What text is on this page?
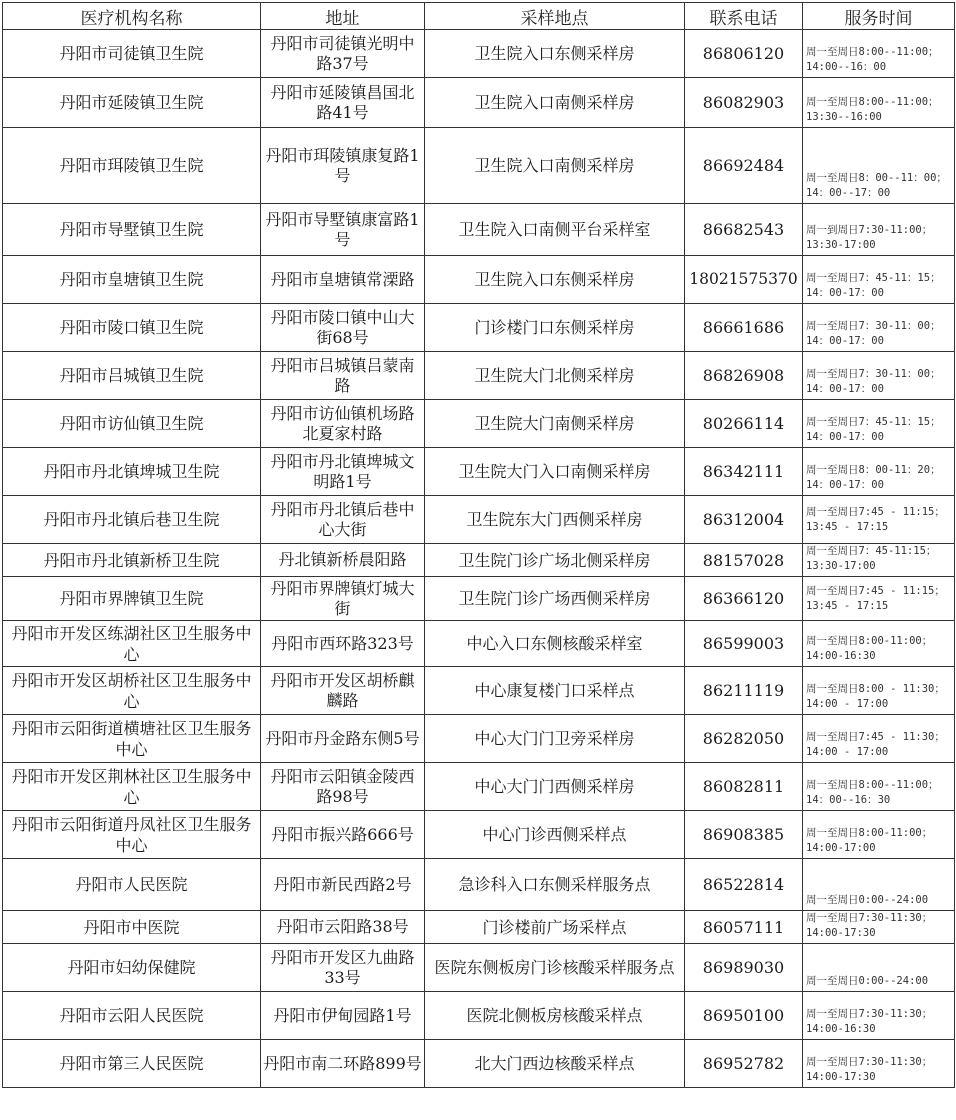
医疗机构名称	地址	采样地点	联系电话	服务时间
丹阳市司徒镇卫生院	丹阳市司徒镇光明中路37号	卫生院入口东侧采样房	86806120	周一至周日8:00--11:00；14:00--16：00
丹阳市延陵镇卫生院	丹阳市延陵镇昌国北路41号	卫生院入口南侧采样房	86082903	周一至周日8:00--11:00；13:30--16:00
丹阳市珥陵镇卫生院	丹阳市珥陵镇康复路1号	卫生院入口南侧采样房	86692484	周一至周日8：00--11：00；14：00--17：00
丹阳市导墅镇卫生院	丹阳市导墅镇康富路1号	卫生院入口南侧平台采样室	86682543	周一到周日7:30-11:00；13:30-17:00
丹阳市皇塘镇卫生院	丹阳市皇塘镇常溧路	卫生院入口东侧采样房	18021575370	周一至周日7：45-11：15；14：00-17：00
丹阳市陵口镇卫生院	丹阳市陵口镇中山大街68号	门诊楼门口东侧采样房	86661686	周一至周日7：30-11：00；14：00-17：00
丹阳市吕城镇卫生院	丹阳市吕城镇吕蒙南路	卫生院大门北侧采样房	86826908	周一至周日7：30-11：00；14：00-17：00
丹阳市访仙镇卫生院	丹阳市访仙镇机场路北夏家村路	卫生院大门南侧采样房	80266114	周一至周日7：45-11：15；14：00-17：00
丹阳市丹北镇埤城卫生院	丹阳市丹北镇埤城文明路1号	卫生院大门入口南侧采样房	86342111	周一至周日8：00-11：20；14：00-17：00
丹阳市丹北镇后巷卫生院	丹阳市丹北镇后巷中心大街	卫生院东大门西侧采样房	86312004	周一至周日7:45 - 11:15；13:45 - 17:15
丹阳市丹北镇新桥卫生院	丹北镇新桥晨阳路	卫生院门诊广场北侧采样房	88157028	周一至周日7：45-11:15；13:30-17:00
丹阳市界牌镇卫生院	丹阳市界牌镇灯城大街	卫生院门诊广场西侧采样房	86366120	周一至周日7:45 - 11:15；13:45 - 17:15
丹阳市开发区练湖社区卫生服务中心	丹阳市西环路323号	中心入口东侧核酸采样室	86599003	周一至周日8:00-11:00；14:00-16:30
丹阳市开发区胡桥社区卫生服务中心	丹阳市开发区胡桥麒麟路	中心康复楼门口采样点	86211119	周一至周日8:00 - 11:30；14:00 - 17:00
丹阳市云阳街道横塘社区卫生服务中心	丹阳市丹金路东侧5号	中心大门门卫旁采样房	86282050	周一至周日7:45 - 11:30；14:00 - 17:00
丹阳市开发区荆林社区卫生服务中心	丹阳市云阳镇金陵西路98号	中心大门门西侧采样房	86082811	周一至周日8:00--11:00；14：00--16：30
丹阳市云阳街道丹凤社区卫生服务中心	丹阳市振兴路666号	中心门诊西侧采样点	86908385	周一至周日8:00-11:00；14:00-17:00
丹阳市人民医院	丹阳市新民西路2号	急诊科入口东侧采样服务点	86522814	周一至周日0:00--24:00
丹阳市中医院	丹阳市云阳路38号	门诊楼前广场采样点	86057111	周一至周日7:30-11:30；14:00-17:30
丹阳市妇幼保健院	丹阳市开发区九曲路33号	医院东侧板房门诊核酸采样服务点	86989030	周一至周日0:00--24:00
丹阳市云阳人民医院	丹阳市伊甸园路1号	医院北侧板房核酸采样点	86950100	周一至周日7:30-11:30；14:00-16:30
丹阳市第三人民医院	丹阳市南二环路899号	北大门西边核酸采样点	86952782	周一至周日7:30-11:30；14:00-17:30
